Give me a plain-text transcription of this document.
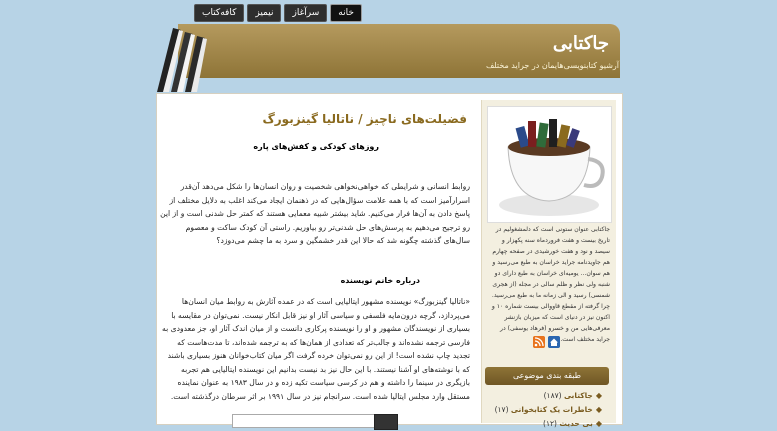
کافه‌کتاب	نیمیز	سرآغاز	خانه
جاکتابی
آرشیو کتابنویسی‌هایمان در جراید مختلف
فضیلت‌های ناچیز / ناتالیا گینزبورگ
روزهای کودکی و کفش‌های پاره
روابط انسانی و شرایطی که خواهی‌نخواهی شخصیت و روان انسان‌ها را شکل می‌دهد آن‌قدر اسرارآمیز است که با همه علامت سؤال‌هایی که در ذهنمان ایجاد می‌کند اغلب به دلایل مختلف از پاسخ دادن به آن‌ها فرار می‌کنیم. شاید بیشتر شبیه معمایی هستند که کمتر حل شدنی است و از این رو ترجیح می‌دهیم به پرسش‌های حل شدنی‌تر رو بیاوریم. راستی آن کودک ساکت و معصوم سال‌های گذشته چگونه شد که حالا این قدر خشمگین و سرد به ما چشم می‌دوزد؟
درباره خانم نویسنده
«ناتالیا گینزبورگ» نویسنده مشهور ایتالیایی است که در عمده آثارش به روابط میان انسان‌ها می‌پردازد، گرچه درون‌مایه فلسفی و سیاسی آثار او نیز قابل انکار نیست. نمی‌توان در مقایسه با بسیاری از نویسندگان مشهور و او را نویسنده پرکاری دانست و از میان اندک آثار او، جز معدودی به فارسی ترجمه نشده‌اند و جالب‌تر که تعدادی از همان‌ها که به ترجمه شده‌اند، تا مدت‌هاست که تجدید چاپ نشده است! از این رو نمی‌توان خرده گرفت اگر میان کتاب‌خوانان هنوز بسیاری باشند که با نوشته‌های او آشنا نیستند. با این حال نیز بد نیست بدانیم این نویسنده ایتالیایی هم تجربه بازیگری در سینما را داشته و هم در کرسی سیاست تکیه زده و در سال ۱۹۸۳ به عنوان نماینده مستقل وارد مجلس ایتالیا شده است. سرانجام نیز در سال ۱۹۹۱ بر اثر سرطان درگذشته است.
جاکتابی عنوان ستونی است که دلمشغولیم در تاریخ بیست و هفت فروردماه سنه پکهزار و سیصد و نود و هفت خورشیدی در صفحه چهارم هم جاویدنامه جراید خراسان به طبع می‌رسید و هم سوان... یومیه‌ای خراسان به طبع دارای دو شنبه ولی نظر و ظلم سالی در مجله (از هجری شمسی) رسید و الی زمانه ما به طبع می‌رسید. چرا گرفته از مقطع قاووالی بیست شماره ۱۰ و اکنون نیز در دنیای است که میزبان بازنشر معرفی‌هایی من و خسرو (فرهاد یوسفی) در جراید مختلف است.
طبقه بندی موضوعی
◆جاکتابی (۱۸۷)
◆خاطرات یک کتابخوانی (۱۷)
◆بی حدیث (۱۲)
